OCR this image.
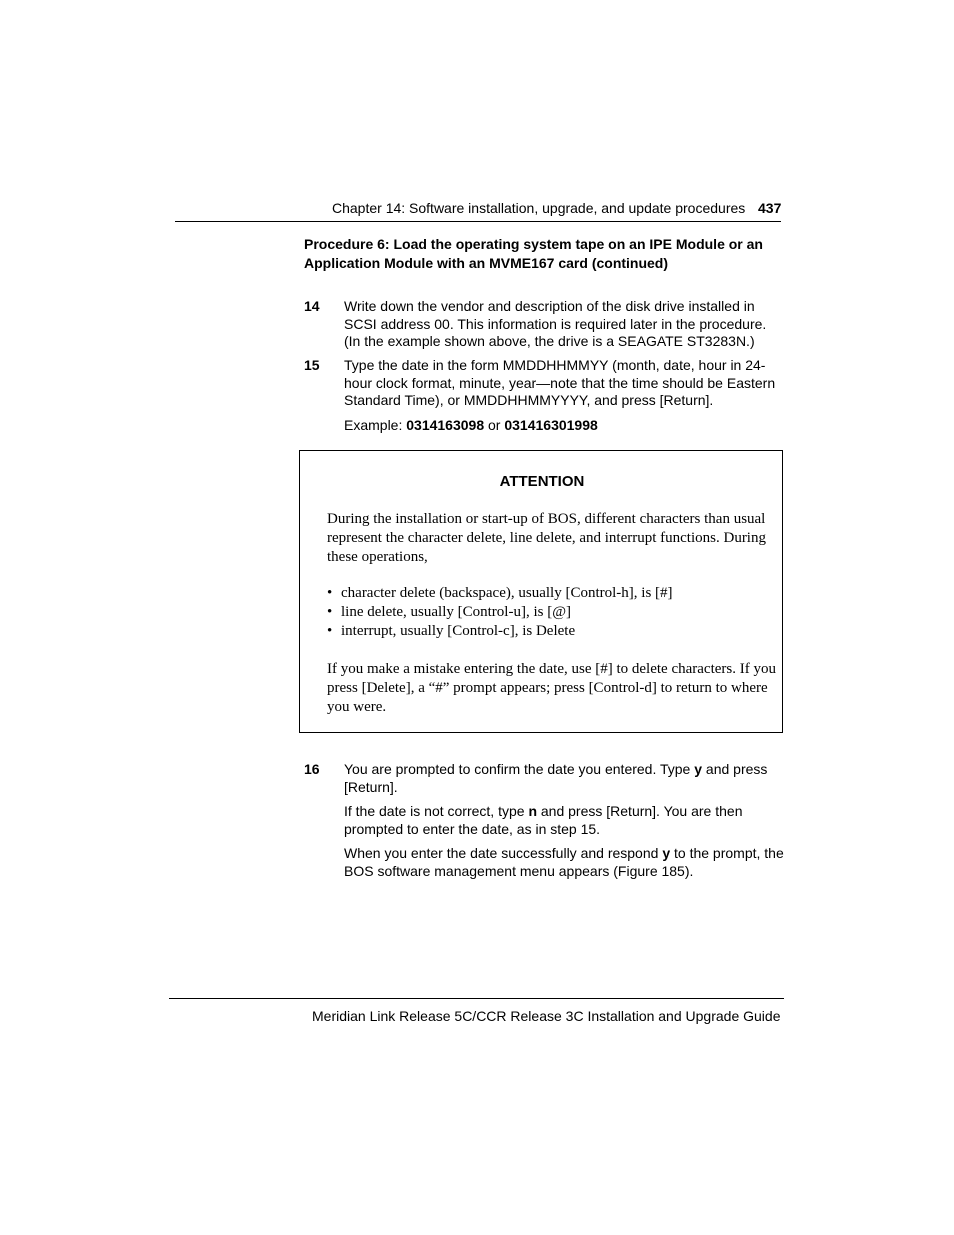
Chapter 14: Software installation, upgrade, and update procedures 437
Procedure 6: Load the operating system tape on an IPE Module or an
Application Module with an MVME167 card (continued)
14 Write down the vendor and description of the disk drive installed in SCSI address 00. This information is required later in the procedure. (In the example shown above, the drive is a SEAGATE ST3283N.)
15 Type the date in the form MMDDHHMMYY (month, date, hour in 24-hour clock format, minute, year—note that the time should be Eastern Standard Time), or MMDDHHMMYYYY, and press [Return].
Example: 0314163098 or 031416301998
ATTENTION
During the installation or start-up of BOS, different characters than usual represent the character delete, line delete, and interrupt functions. During these operations,
• character delete (backspace), usually [Control-h], is [#]
• line delete, usually [Control-u], is [@]
• interrupt, usually [Control-c], is Delete
If you make a mistake entering the date, use [#] to delete characters. If you press [Delete], a “#” prompt appears; press [Control-d] to return to where you were.
16 You are prompted to confirm the date you entered. Type y and press [Return].

If the date is not correct, type n and press [Return]. You are then prompted to enter the date, as in step 15.

When you enter the date successfully and respond y to the prompt, the BOS software management menu appears (Figure 185).

Meridian Link Release 5C/CCR Release 3C Installation and Upgrade Guide
